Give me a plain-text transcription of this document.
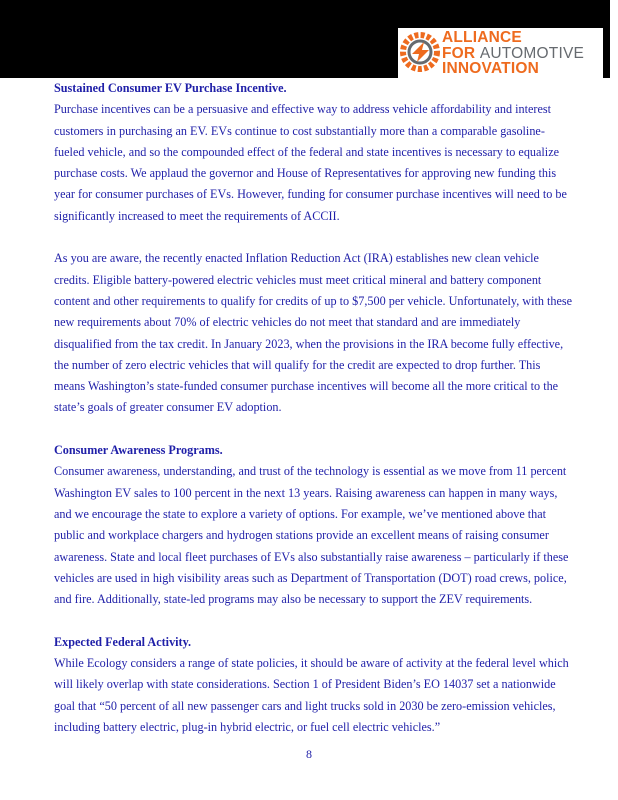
ALLIANCE
FOR AUTOMOTIVE
INNOVATION
Sustained Consumer EV Purchase Incentive.

Purchase incentives can be a persuasive and effective way to address vehicle affordability and interest customers in purchasing an EV. EVs continue to cost substantially more than a comparable gasoline-fueled vehicle, and so the compounded effect of the federal and state incentives is necessary to equalize purchase costs. We applaud the governor and House of Representatives for approving new funding this year for consumer purchases of EVs. However, funding for consumer purchase incentives will need to be significantly increased to meet the requirements of ACCII.

As you are aware, the recently enacted Inflation Reduction Act (IRA) establishes new clean vehicle credits. Eligible battery-powered electric vehicles must meet critical mineral and battery component content and other requirements to qualify for credits of up to $7,500 per vehicle. Unfortunately, with these new requirements about 70% of electric vehicles do not meet that standard and are immediately disqualified from the tax credit. In January 2023, when the provisions in the IRA become fully effective, the number of zero electric vehicles that will qualify for the credit are expected to drop further. This means Washington’s state-funded consumer purchase incentives will become all the more critical to the state’s goals of greater consumer EV adoption.

Consumer Awareness Programs.

Consumer awareness, understanding, and trust of the technology is essential as we move from 11 percent Washington EV sales to 100 percent in the next 13 years. Raising awareness can happen in many ways, and we encourage the state to explore a variety of options. For example, we’ve mentioned above that public and workplace chargers and hydrogen stations provide an excellent means of raising consumer awareness. State and local fleet purchases of EVs also substantially raise awareness – particularly if these vehicles are used in high visibility areas such as Department of Transportation (DOT) road crews, police, and fire. Additionally, state-led programs may also be necessary to support the ZEV requirements.

Expected Federal Activity.

While Ecology considers a range of state policies, it should be aware of activity at the federal level which will likely overlap with state considerations. Section 1 of President Biden’s EO 14037 set a nationwide goal that “50 percent of all new passenger cars and light trucks sold in 2030 be zero-emission vehicles, including battery electric, plug-in hybrid electric, or fuel cell electric vehicles.”

8
